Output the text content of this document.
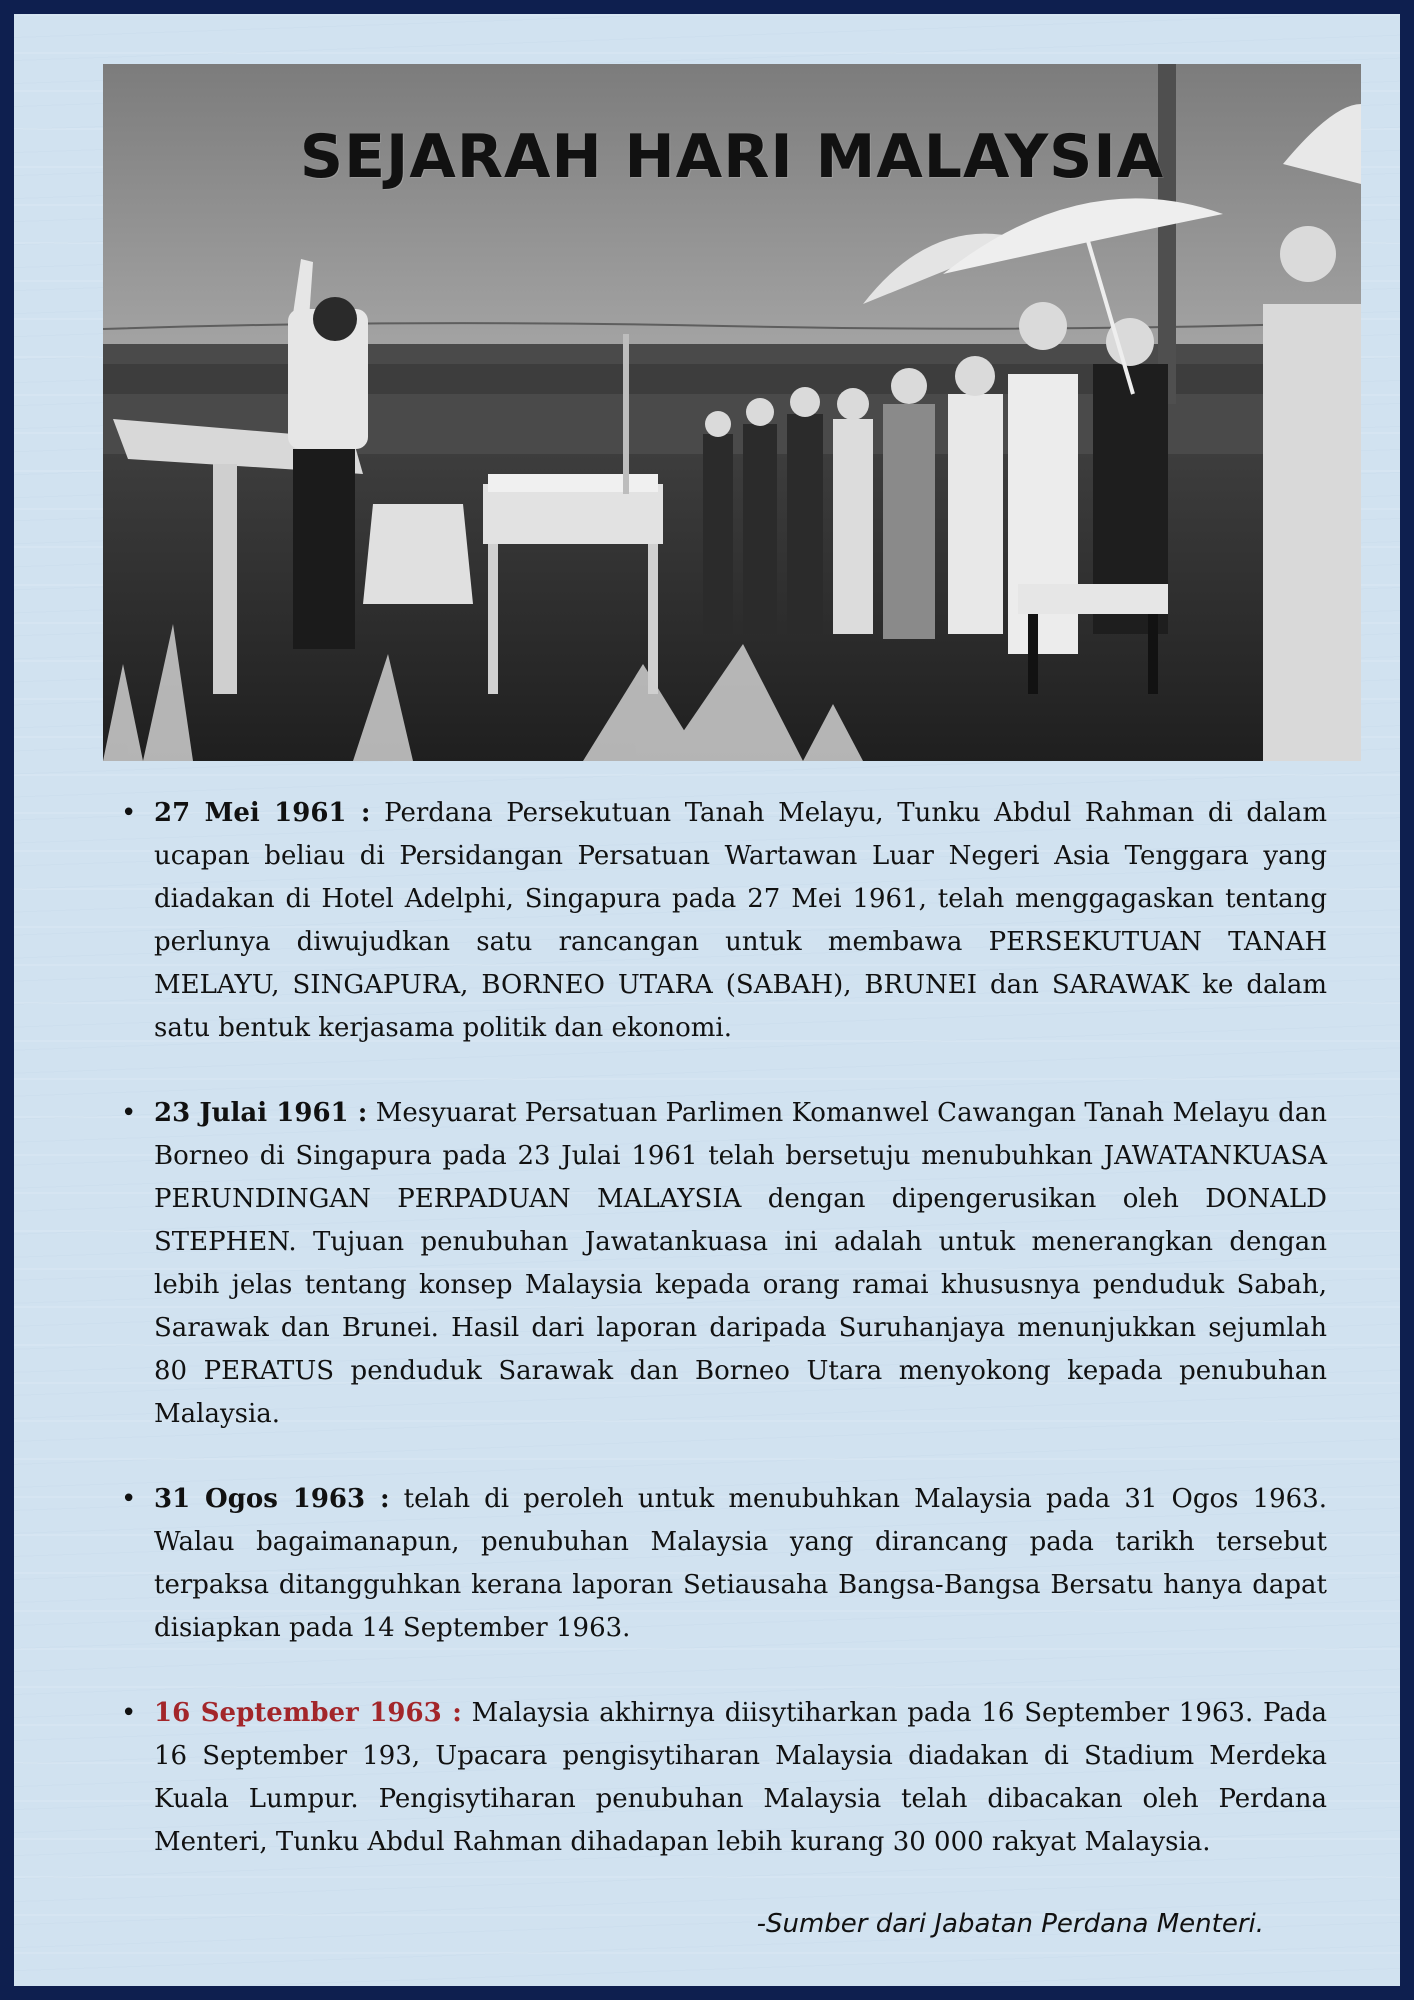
SEJARAH HARI MALAYSIA
• 27 Mei 1961 : Perdana Persekutuan Tanah Melayu, Tunku Abdul Rahman di dalam ucapan beliau di Persidangan Persatuan Wartawan Luar Negeri Asia Tenggara yang diadakan di Hotel Adelphi, Singapura pada 27 Mei 1961, telah menggagaskan tentang perlunya diwujudkan satu rancangan untuk membawa PERSEKUTUAN TANAH MELAYU, SINGAPURA, BORNEO UTARA (SABAH), BRUNEI dan SARAWAK ke dalam satu bentuk kerjasama politik dan ekonomi.
• 23 Julai 1961 : Mesyuarat Persatuan Parlimen Komanwel Cawangan Tanah Melayu dan Borneo di Singapura pada 23 Julai 1961 telah bersetuju menubuhkan JAWATANKUASA PERUNDINGAN PERPADUAN MALAYSIA dengan dipengerusikan oleh DONALD STEPHEN. Tujuan penubuhan Jawatankuasa ini adalah untuk menerangkan dengan lebih jelas tentang konsep Malaysia kepada orang ramai khususnya penduduk Sabah, Sarawak dan Brunei. Hasil dari laporan daripada Suruhanjaya menunjukkan sejumlah 80 PERATUS penduduk Sarawak dan Borneo Utara menyokong kepada penubuhan Malaysia.
• 31 Ogos 1963 : telah di peroleh untuk menubuhkan Malaysia pada 31 Ogos 1963. Walau bagaimanapun, penubuhan Malaysia yang dirancang pada tarikh tersebut terpaksa ditangguhkan kerana laporan Setiausaha Bangsa-Bangsa Bersatu hanya dapat disiapkan pada 14 September 1963.
• 16 September 1963 : Malaysia akhirnya diisytiharkan pada 16 September 1963. Pada 16 September 193, Upacara pengisytiharan Malaysia diadakan di Stadium Merdeka Kuala Lumpur. Pengisytiharan penubuhan Malaysia telah dibacakan oleh Perdana Menteri, Tunku Abdul Rahman dihadapan lebih kurang 30 000 rakyat Malaysia.

-Sumber dari Jabatan Perdana Menteri.
